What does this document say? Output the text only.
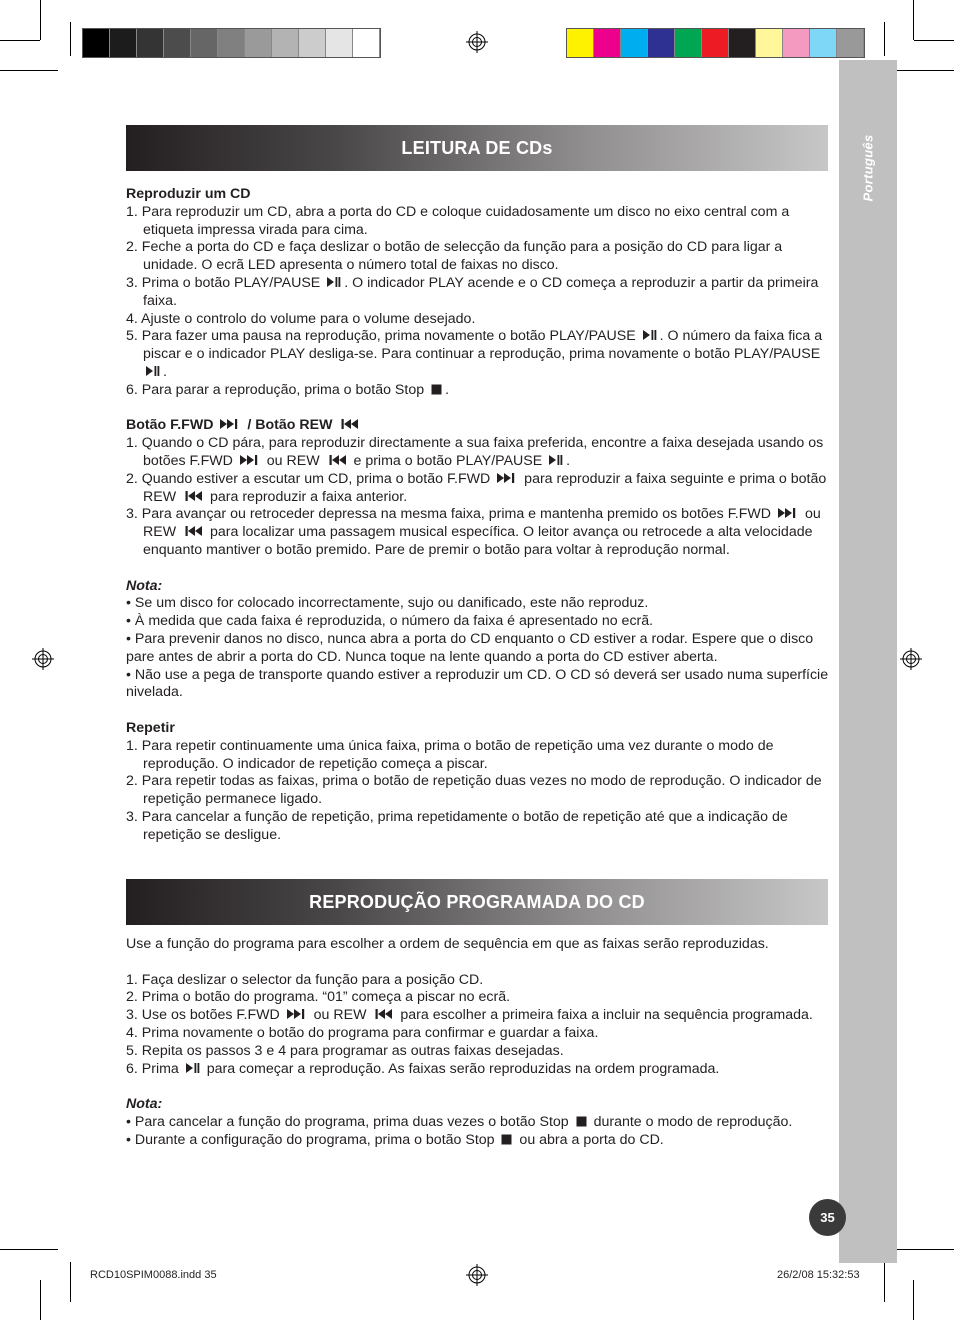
Português
LEITURA DE CDs

Reproduzir um CD

1. Para reproduzir um CD, abra a porta do CD e coloque cuidadosamente um disco no eixo central com a etiqueta impressa virada para cima.

2. Feche a porta do CD e faça deslizar o botão de selecção da função para a posição do CD para ligar a unidade. O ecrã LED apresenta o número total de faixas no disco.

3. Prima o botão PLAY/PAUSE
. O indicador PLAY acende e o CD começa a reproduzir a partir da primeira faixa.

4. Ajuste o controlo do volume para o volume desejado.

5. Para fazer uma pausa na reprodução, prima novamente o botão PLAY/PAUSE
. O número da faixa fica a piscar e o indicador PLAY desliga-se. Para continuar a reprodução, prima novamente o botão PLAY/PAUSE
.

6. Para parar a reprodução, prima o botão Stop
.

Botão F.FWD
/ Botão REW

1. Quando o CD pára, para reproduzir directamente a sua faixa preferida, encontre a faixa desejada usando os botões F.FWD
ou REW
e prima o botão PLAY/PAUSE
.

2. Quando estiver a escutar um CD, prima o botão F.FWD
para reproduzir a faixa seguinte e prima o botão REW
para reproduzir a faixa anterior.

3. Para avançar ou retroceder depressa na mesma faixa, prima e mantenha premido os botões F.FWD
ou REW
para localizar uma passagem musical específica. O leitor avança ou retrocede a alta velocidade enquanto mantiver o botão premido. Pare de premir o botão para voltar à reprodução normal.

Nota:

• Se um disco for colocado incorrectamente, sujo ou danificado, este não reproduz.

• À medida que cada faixa é reproduzida, o número da faixa é apresentado no ecrã.

• Para prevenir danos no disco, nunca abra a porta do CD enquanto o CD estiver a rodar. Espere que o disco pare antes de abrir a porta do CD. Nunca toque na lente quando a porta do CD estiver aberta.

• Não use a pega de transporte quando estiver a reproduzir um CD. O CD só deverá ser usado numa superfície nivelada.

Repetir

1. Para repetir continuamente uma única faixa, prima o botão de repetição uma vez durante o modo de reprodução. O indicador de repetição começa a piscar.

2. Para repetir todas as faixas, prima o botão de repetição duas vezes no modo de reprodução. O indicador de repetição permanece ligado.

3. Para cancelar a função de repetição, prima repetidamente o botão de repetição até que a indicação de repetição se desligue.

REPRODUÇÃO PROGRAMADA DO CD

Use a função do programa para escolher a ordem de sequência em que as faixas serão reproduzidas.

1. Faça deslizar o selector da função para a posição CD.

2. Prima o botão do programa. “01” começa a piscar no ecrã.

3. Use os botões F.FWD
ou REW
para escolher a primeira faixa a incluir na sequência programada.

4. Prima novamente o botão do programa para confirmar e guardar a faixa.

5. Repita os passos 3 e 4 para programar as outras faixas desejadas.

6. Prima
para começar a reprodução. As faixas serão reproduzidas na ordem programada.

Nota:

• Para cancelar a função do programa, prima duas vezes o botão Stop
durante o modo de reprodução.

• Durante a configuração do programa, prima o botão Stop
ou abra a porta do CD.

35
RCD10SPIM0088.indd 35	26/2/08 15:32:53
